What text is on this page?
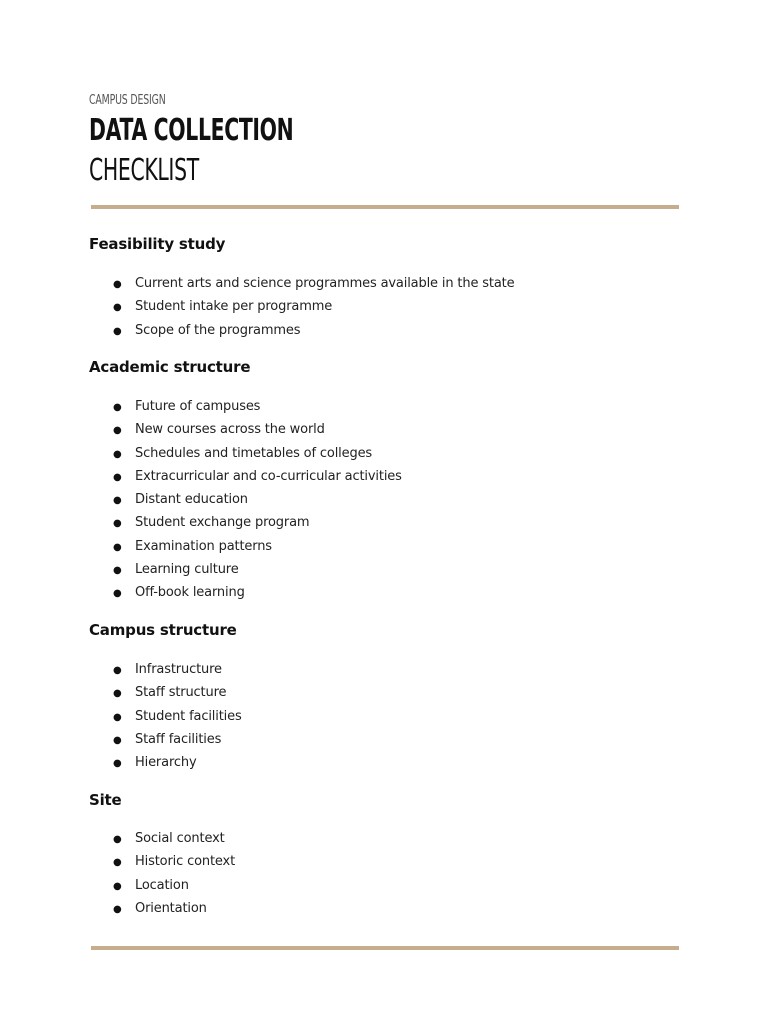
CAMPUS DESIGN
DATA COLLECTION
CHECKLIST
Feasibility study
● Current arts and science programmes available in the state
● Student intake per programme
● Scope of the programmes
Academic structure
● Future of campuses
● New courses across the world
● Schedules and timetables of colleges
● Extracurricular and co-curricular activities
● Distant education
● Student exchange program
● Examination patterns
● Learning culture
● Off-book learning
Campus structure
● Infrastructure
● Staff structure
● Student facilities
● Staff facilities
● Hierarchy
Site
● Social context
● Historic context
● Location
● Orientation
